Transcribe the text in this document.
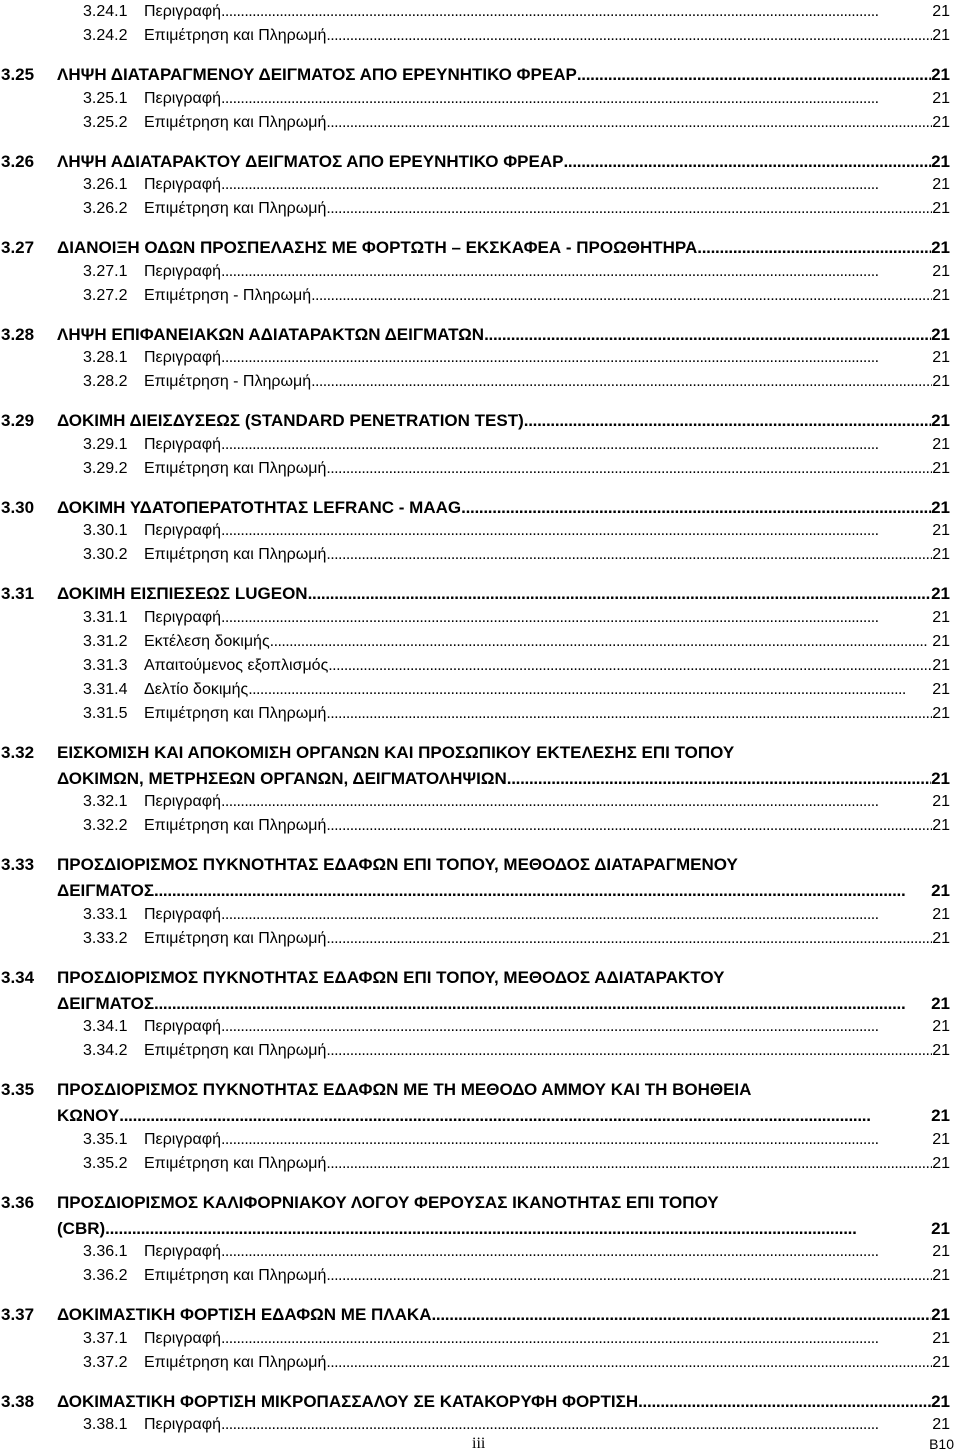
3.24.1 Περιγραφή . . .	21
3.24.2 Επιμέτρηση και Πληρωμή . . .	21
3.25 ΛΗΨΗ ΔΙΑΤΑΡΑΓΜΕΝΟΥ ΔΕΙΓΜΑΤΟΣ ΑΠΟ ΕΡΕΥΝΗΤΙΚΟ ΦΡΕΑΡ . . .	21
3.25.1 Περιγραφή . . .	21
3.25.2 Επιμέτρηση και Πληρωμή . . .	21
3.26 ΛΗΨΗ ΑΔΙΑΤΑΡΑΚΤΟΥ ΔΕΙΓΜΑΤΟΣ ΑΠΟ ΕΡΕΥΝΗΤΙΚΟ ΦΡΕΑΡ . . .	21
3.26.1 Περιγραφή . . .	21
3.26.2 Επιμέτρηση και Πληρωμή . . .	21
3.27 ΔΙΑΝΟΙΞΗ ΟΔΩΝ ΠΡΟΣΠΕΛΑΣΗΣ ΜΕ ΦΟΡΤΩΤΗ – ΕΚΣΚΑΦΕΑ - ΠΡΟΩΘΗΤΗΡΑ . . .	21
3.27.1 Περιγραφή . . .	21
3.27.2 Επιμέτρηση - Πληρωμή . . .	21
3.28 ΛΗΨΗ ΕΠΙΦΑΝΕΙΑΚΩΝ ΑΔΙΑΤΑΡΑΚΤΩΝ ΔΕΙΓΜΑΤΩΝ . . .	21
3.28.1 Περιγραφή . . .	21
3.28.2 Επιμέτρηση - Πληρωμή . . .	21
3.29 ΔΟΚΙΜΗ ΔΙΕΙΣΔΥΣΕΩΣ (STANDARD PENETRATION TEST) . . .	21
3.29.1 Περιγραφή . . .	21
3.29.2 Επιμέτρηση και Πληρωμή . . .	21
3.30 ΔΟΚΙΜΗ ΥΔΑΤΟΠΕΡΑΤΟΤΗΤΑΣ LEFRANC - MAAG . . .	21
3.30.1 Περιγραφή . . .	21
3.30.2 Επιμέτρηση και Πληρωμή . . .	21
3.31 ΔΟΚΙΜΗ ΕΙΣΠΙΕΣΕΩΣ LUGEON . . .	21
3.31.1 Περιγραφή . . .	21
3.31.2 Εκτέλεση δοκιμής . . .	21
3.31.3 Απαιτούμενος εξοπλισμός . . .	21
3.31.4 Δελτίο δοκιμής . . .	21
3.31.5 Επιμέτρηση και Πληρωμή . . .	21
3.32 ΕΙΣΚΟΜΙΣΗ ΚΑΙ ΑΠΟΚΟΜΙΣΗ ΟΡΓΑΝΩΝ ΚΑΙ ΠΡΟΣΩΠΙΚΟΥ ΕΚΤΕΛΕΣΗΣ ΕΠΙ ΤΟΠΟΥ
ΔΟΚΙΜΩΝ, ΜΕΤΡΗΣΕΩΝ ΟΡΓΑΝΩΝ, ΔΕΙΓΜΑΤΟΛΗΨΙΩΝ . . .	21
3.32.1 Περιγραφή . . .	21
3.32.2 Επιμέτρηση και Πληρωμή . . .	21
3.33 ΠΡΟΣΔΙΟΡΙΣΜΟΣ ΠΥΚΝΟΤΗΤΑΣ ΕΔΑΦΩΝ ΕΠΙ ΤΟΠΟΥ, ΜΕΘΟΔΟΣ ΔΙΑΤΑΡΑΓΜΕΝΟΥ
ΔΕΙΓΜΑΤΟΣ . . .	21
3.33.1 Περιγραφή . . .	21
3.33.2 Επιμέτρηση και Πληρωμή . . .	21
3.34 ΠΡΟΣΔΙΟΡΙΣΜΟΣ ΠΥΚΝΟΤΗΤΑΣ ΕΔΑΦΩΝ ΕΠΙ ΤΟΠΟΥ, ΜΕΘΟΔΟΣ ΑΔΙΑΤΑΡΑΚΤΟΥ
ΔΕΙΓΜΑΤΟΣ . . .	21
3.34.1 Περιγραφή . . .	21
3.34.2 Επιμέτρηση και Πληρωμή . . .	21
3.35 ΠΡΟΣΔΙΟΡΙΣΜΟΣ ΠΥΚΝΟΤΗΤΑΣ ΕΔΑΦΩΝ ΜΕ ΤΗ ΜΕΘΟΔΟ ΑΜΜΟΥ ΚΑΙ ΤΗ ΒΟΗΘΕΙΑ
ΚΩΝΟΥ . . .	21
3.35.1 Περιγραφή . . .	21
3.35.2 Επιμέτρηση και Πληρωμή . . .	21
3.36 ΠΡΟΣΔΙΟΡΙΣΜΟΣ ΚΑΛΙΦΟΡΝΙΑΚΟΥ ΛΟΓΟΥ ΦΕΡΟΥΣΑΣ ΙΚΑΝΟΤΗΤΑΣ ΕΠΙ ΤΟΠΟΥ
(CBR) . . .	21
3.36.1 Περιγραφή . . .	21
3.36.2 Επιμέτρηση και Πληρωμή . . .	21
3.37 ΔΟΚΙΜΑΣΤΙΚΗ ΦΟΡΤΙΣΗ ΕΔΑΦΩΝ ΜΕ ΠΛΑΚΑ . . .	21
3.37.1 Περιγραφή . . .	21
3.37.2 Επιμέτρηση και Πληρωμή . . .	21
3.38 ΔΟΚΙΜΑΣΤΙΚΗ ΦΟΡΤΙΣΗ ΜΙΚΡΟΠΑΣΣΑΛΟΥ ΣΕ ΚΑΤΑΚΟΡΥΦΗ ΦΟΡΤΙΣΗ . . .	21
3.38.1 Περιγραφή . . .	21
iii	B10
